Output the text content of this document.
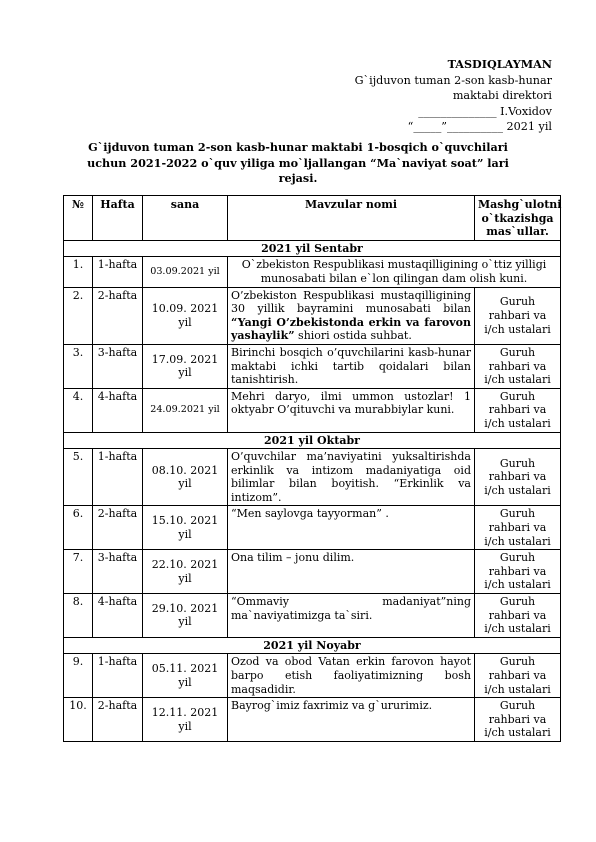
TASDIQLAYMAN
G`ijduvon tuman 2-son kasb-hunar
maktabi direktori
______________ I.Voxidov
“_____”__________ 2021 yil
G`ijduvon tuman 2-son kasb-hunar maktabi 1-bosqich o`quvchilari
uchun 2021-2022 o`quv yiliga mo`ljallangan “Ma`naviyat soat” lari
rejasi.
№	Hafta	sana	Mavzular nomi	Mashg`ulotni o`tkazishga mas`ullar.
2021 yil Sentabr				
1.	1-hafta	03.09.2021 yil	O`zbekiston Respublikasi mustaqilligining o`ttiz yilligi munosabati bilan e`lon qilingan dam olish kuni.	
2.	2-hafta	10.09. 2021 yil	O’zbekiston Respublikasi mustaqilligining 30 yillik bayramini munosabati bilan “Yangi O’zbekistonda erkin va farovon yashaylik” shiori ostida suhbat.	Guruh rahbari va i/ch ustalari
3.	3-hafta	17.09. 2021 yil	Birinchi bosqich o’quvchilarini kasb-hunar maktabi ichki tartib qoidalari bilan tanishtirish.	Guruh rahbari va i/ch ustalari
4.	4-hafta	24.09.2021 yil	Mehri daryo, ilmi ummon ustozlar! 1 oktyabr O’qituvchi va murabbiylar kuni.	Guruh rahbari va i/ch ustalari
2021 yil Oktabr				
5.	1-hafta	08.10. 2021 yil	O’quvchilar ma’naviyatini yuksaltirishda erkinlik va intizom madaniyatiga oid bilimlar bilan boyitish. “Erkinlik va intizom”.	Guruh rahbari va i/ch ustalari
6.	2-hafta	15.10. 2021 yil	“Men saylovga tayyorman” .	Guruh rahbari va i/ch ustalari
7.	3-hafta	22.10. 2021 yil	Ona tilim – jonu dilim.	Guruh rahbari va i/ch ustalari
8.	4-hafta	29.10. 2021 yil	“Ommaviy madaniyat”ning ma`naviyatimizga ta`siri.	Guruh rahbari va i/ch ustalari
2021 yil Noyabr				
9.	1-hafta	05.11. 2021 yil	Ozod va obod Vatan erkin farovon hayot barpo etish faoliyatimizning bosh maqsadidir.	Guruh rahbari va i/ch ustalari
10.	2-hafta	12.11. 2021 yil	Bayrog`imiz faxrimiz va g`ururimiz.	Guruh rahbari va i/ch ustalari
